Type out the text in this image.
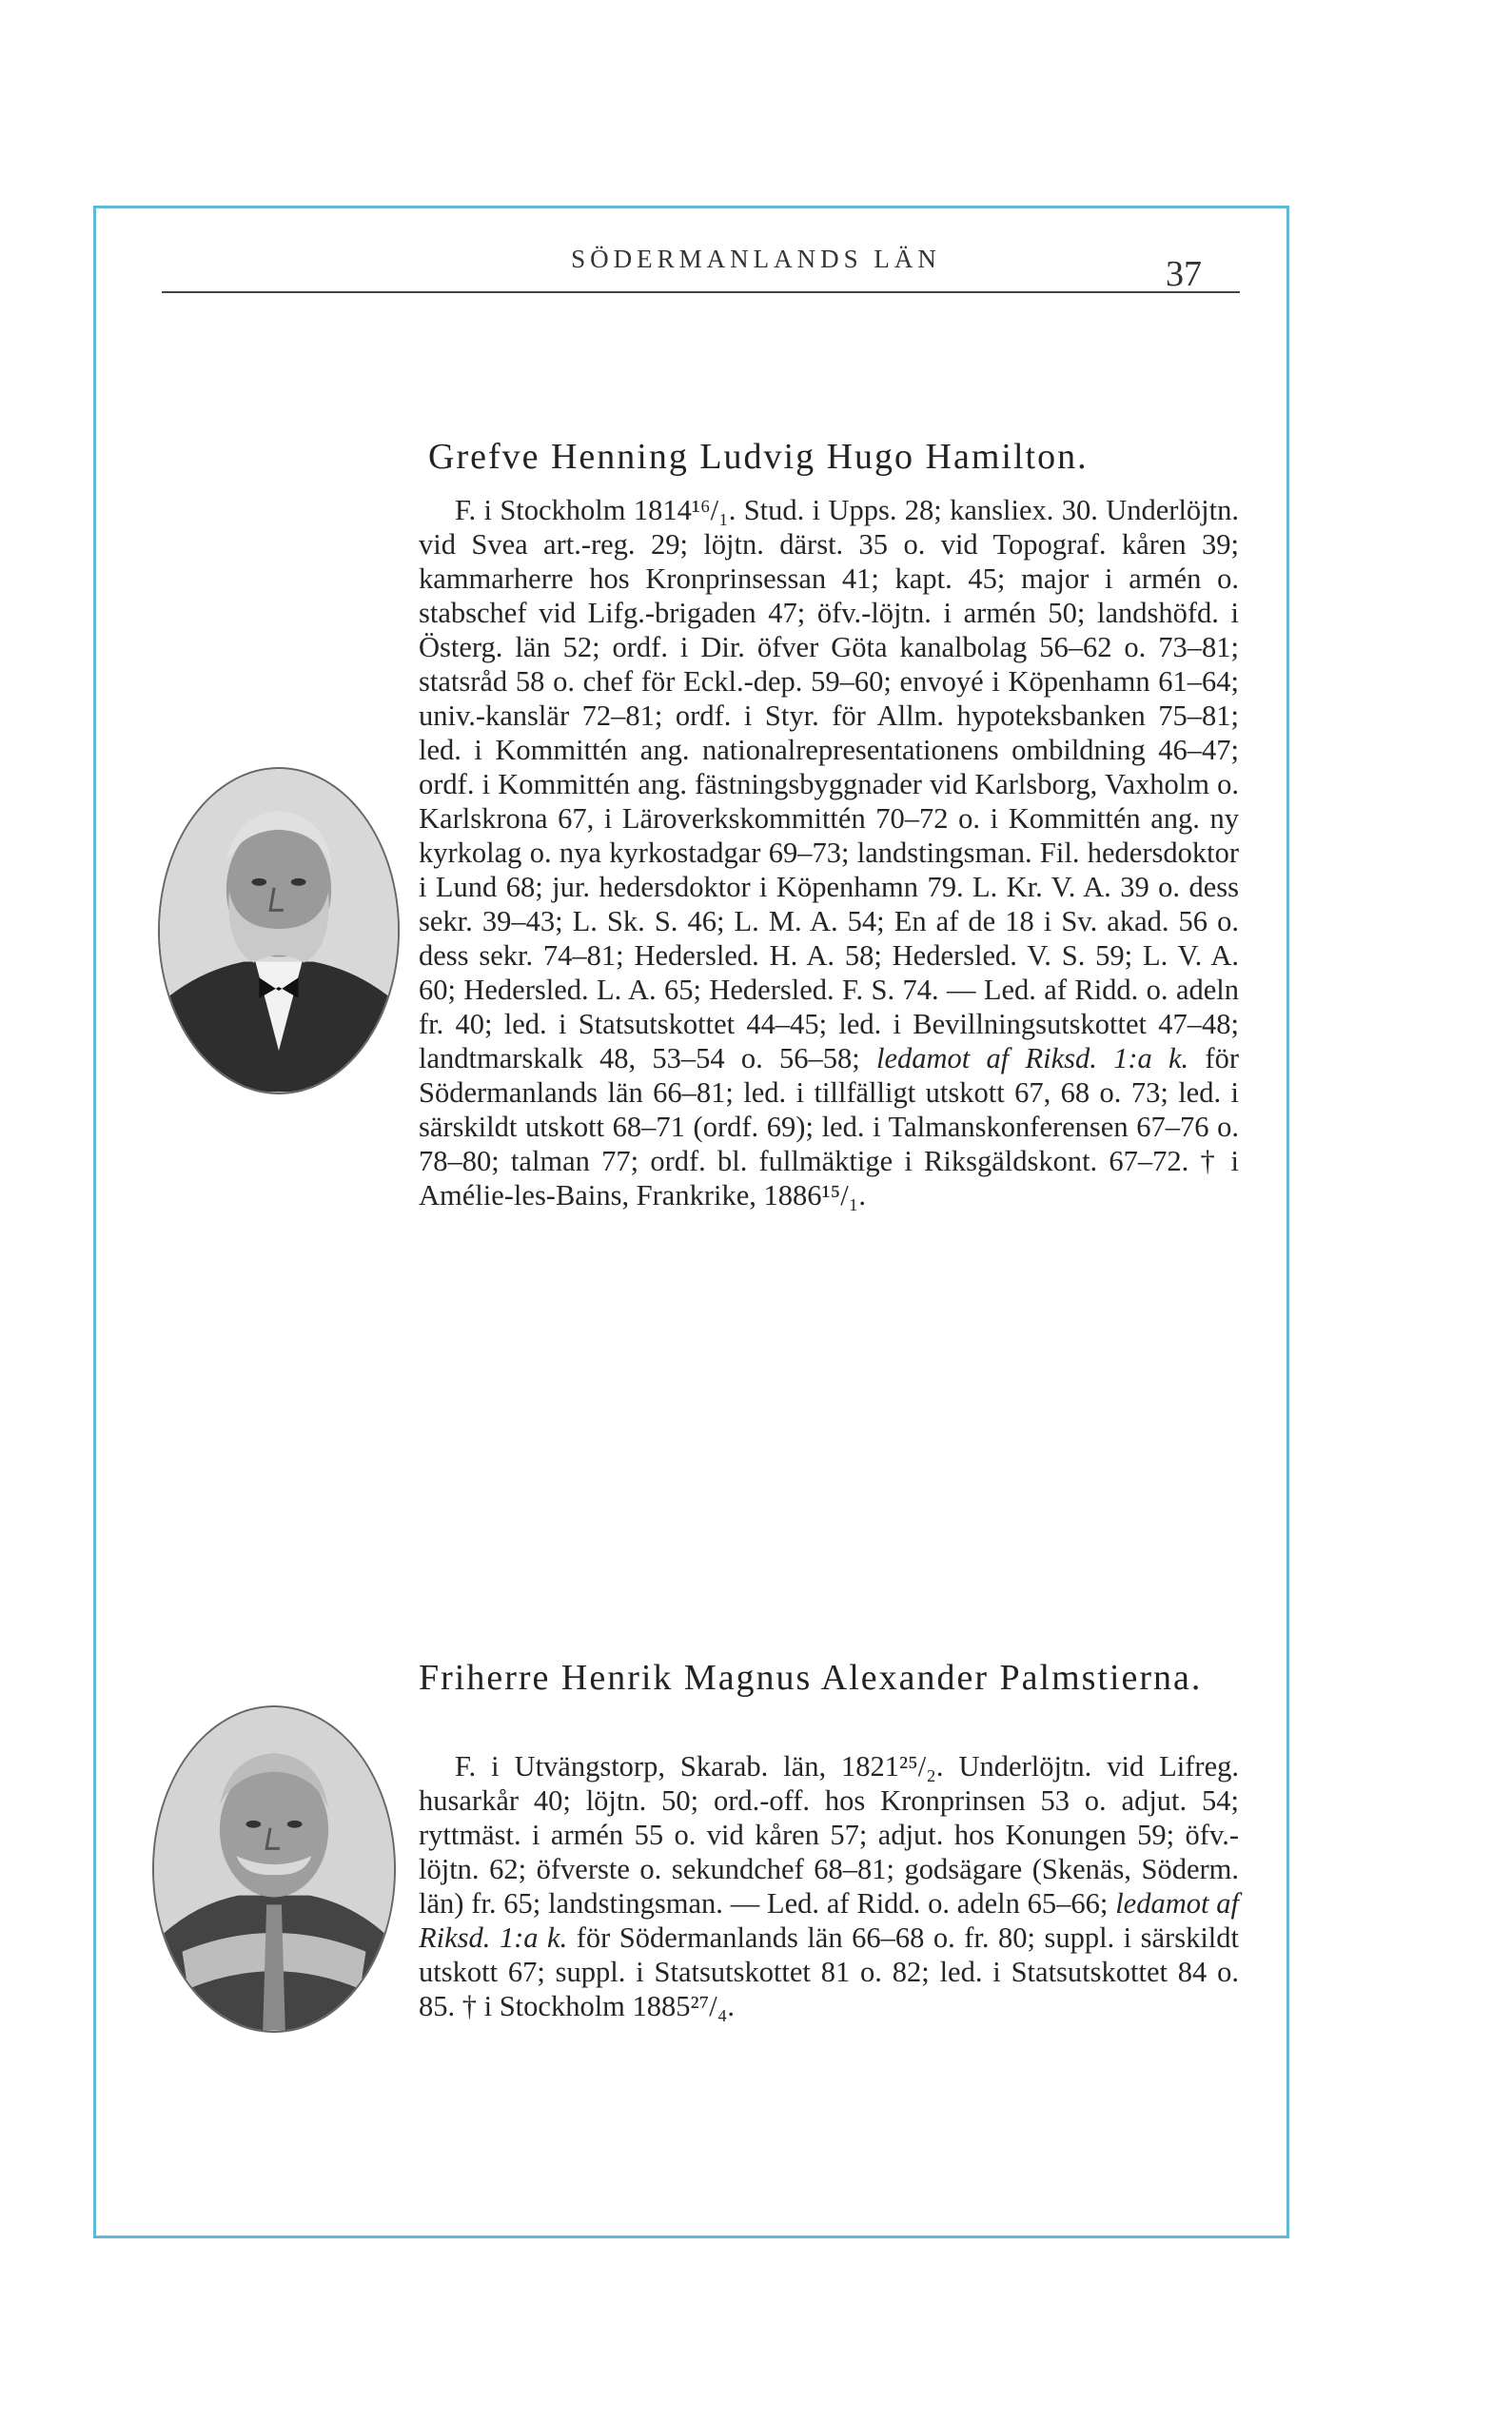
SÖDERMANLANDS LÄN	37
Grefve Henning Ludvig Hugo Hamilton.
F. i Stockholm 1814¹⁶/₁. Stud. i Upps. 28; kansliex. 30. Underlöjtn. vid Svea art.-reg. 29; löjtn. därst. 35 o. vid Topograf. kåren 39; kammarherre hos Kronprinsessan 41; kapt. 45; major i armén o. stabschef vid Lifg.-brigaden 47; öfv.-löjtn. i armén 50; landshöfd. i Österg. län 52; ordf. i Dir. öfver Göta kanalbolag 56–62 o. 73–81; statsråd 58 o. chef för Eckl.-dep. 59–60; envoyé i Köpenhamn 61–64; univ.-kanslär 72–81; ordf. i Styr. för Allm. hypoteksbanken 75–81; led. i Kommittén ang. nationalrepresentationens ombildning 46–47; ordf. i Kommittén ang. fästningsbyggnader vid Karlsborg, Vaxholm o. Karlskrona 67, i Läroverkskommittén 70–72 o. i Kommittén ang. ny kyrkolag o. nya kyrkostadgar 69–73; landstingsman. Fil. hedersdoktor i Lund 68; jur. hedersdoktor i Köpenhamn 79. L. Kr. V. A. 39 o. dess sekr. 39–43; L. Sk. S. 46; L. M. A. 54; En af de 18 i Sv. akad. 56 o. dess sekr. 74–81; Hedersled. H. A. 58; Hedersled. V. S. 59; L. V. A. 60; Hedersled. L. A. 65; Hedersled. F. S. 74. — Led. af Ridd. o. adeln fr. 40; led. i Statsutskottet 44–45; led. i Bevillningsutskottet 47–48; landtmarskalk 48, 53–54 o. 56–58; ledamot af Riksd. 1:a k. för Södermanlands län 66–81; led. i tillfälligt utskott 67, 68 o. 73; led. i särskildt utskott 68–71 (ordf. 69); led. i Talmanskonferensen 67–76 o. 78–80; talman 77; ordf. bl. fullmäktige i Riksgäldskont. 67–72. † i Amélie-les-Bains, Frankrike, 1886¹⁵/₁.
Friherre Henrik Magnus Alexander Palmstierna.
F. i Utvängstorp, Skarab. län, 1821²⁵/₂. Underlöjtn. vid Lifreg. husarkår 40; löjtn. 50; ord.-off. hos Kronprinsen 53 o. adjut. 54; ryttmäst. i armén 55 o. vid kåren 57; adjut. hos Konungen 59; öfv.-löjtn. 62; öfverste o. sekundchef 68–81; godsägare (Skenäs, Söderm. län) fr. 65; landstingsman. — Led. af Ridd. o. adeln 65–66; ledamot af Riksd. 1:a k. för Södermanlands län 66–68 o. fr. 80; suppl. i särskildt utskott 67; suppl. i Statsutskottet 81 o. 82; led. i Statsutskottet 84 o. 85. † i Stockholm 1885²⁷/₄.
